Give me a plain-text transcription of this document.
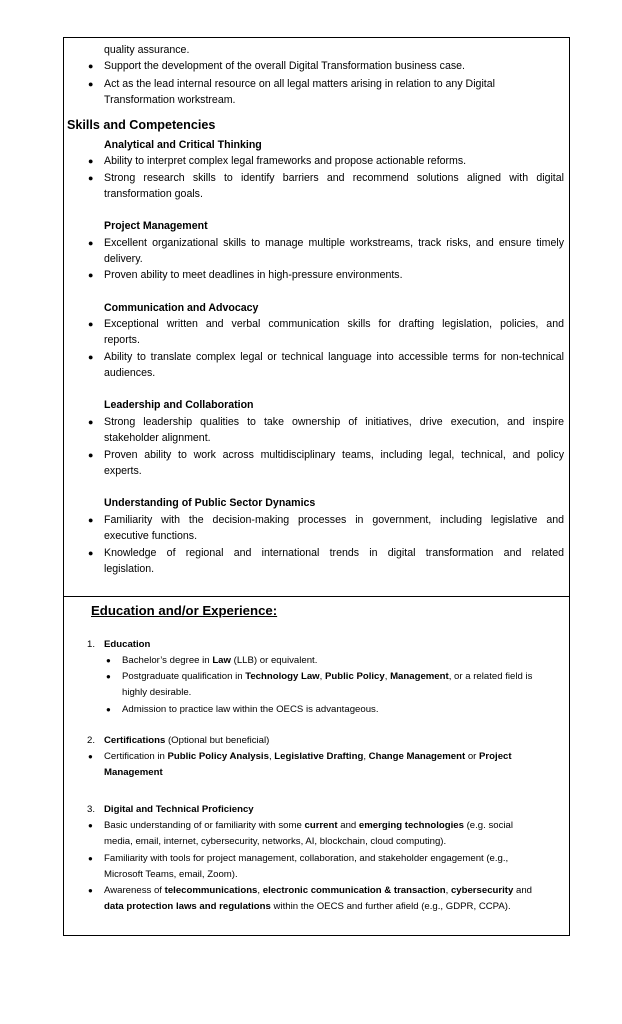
quality assurance.
● Support the development of the overall Digital Transformation business case.
● Act as the lead internal resource on all legal matters arising in relation to any Digital
Transformation workstream.
Skills and Competencies
Analytical and Critical Thinking
● Ability to interpret complex legal frameworks and propose actionable reforms.
● Strong research skills to identify barriers and recommend solutions aligned with digital
transformation goals.
Project Management
● Excellent organizational skills to manage multiple workstreams, track risks, and ensure timely
delivery.
● Proven ability to meet deadlines in high-pressure environments.
Communication and Advocacy
● Exceptional written and verbal communication skills for drafting legislation, policies, and
reports.
● Ability to translate complex legal or technical language into accessible terms for non-technical
audiences.
Leadership and Collaboration
● Strong leadership qualities to take ownership of initiatives, drive execution, and inspire
stakeholder alignment.
● Proven ability to work across multidisciplinary teams, including legal, technical, and policy
experts.
Understanding of Public Sector Dynamics
● Familiarity with the decision-making processes in government, including legislative and
executive functions.
● Knowledge of regional and international trends in digital transformation and related
legislation.
Education and/or Experience:
1. Education
● Bachelor’s degree in Law (LLB) or equivalent.
● Postgraduate qualification in Technology Law, Public Policy, Management, or a related field is
highly desirable.
● Admission to practice law within the OECS is advantageous.
2. Certifications (Optional but beneficial)
● Certification in Public Policy Analysis, Legislative Drafting, Change Management or Project
Management
3. Digital and Technical Proficiency
● Basic understanding of or familiarity with some current and emerging technologies (e.g. social
media, email, internet, cybersecurity, networks, AI, blockchain, cloud computing).
● Familiarity with tools for project management, collaboration, and stakeholder engagement (e.g.,
Microsoft Teams, email, Zoom).
● Awareness of telecommunications, electronic communication & transaction, cybersecurity and
data protection laws and regulations within the OECS and further afield (e.g., GDPR, CCPA).
